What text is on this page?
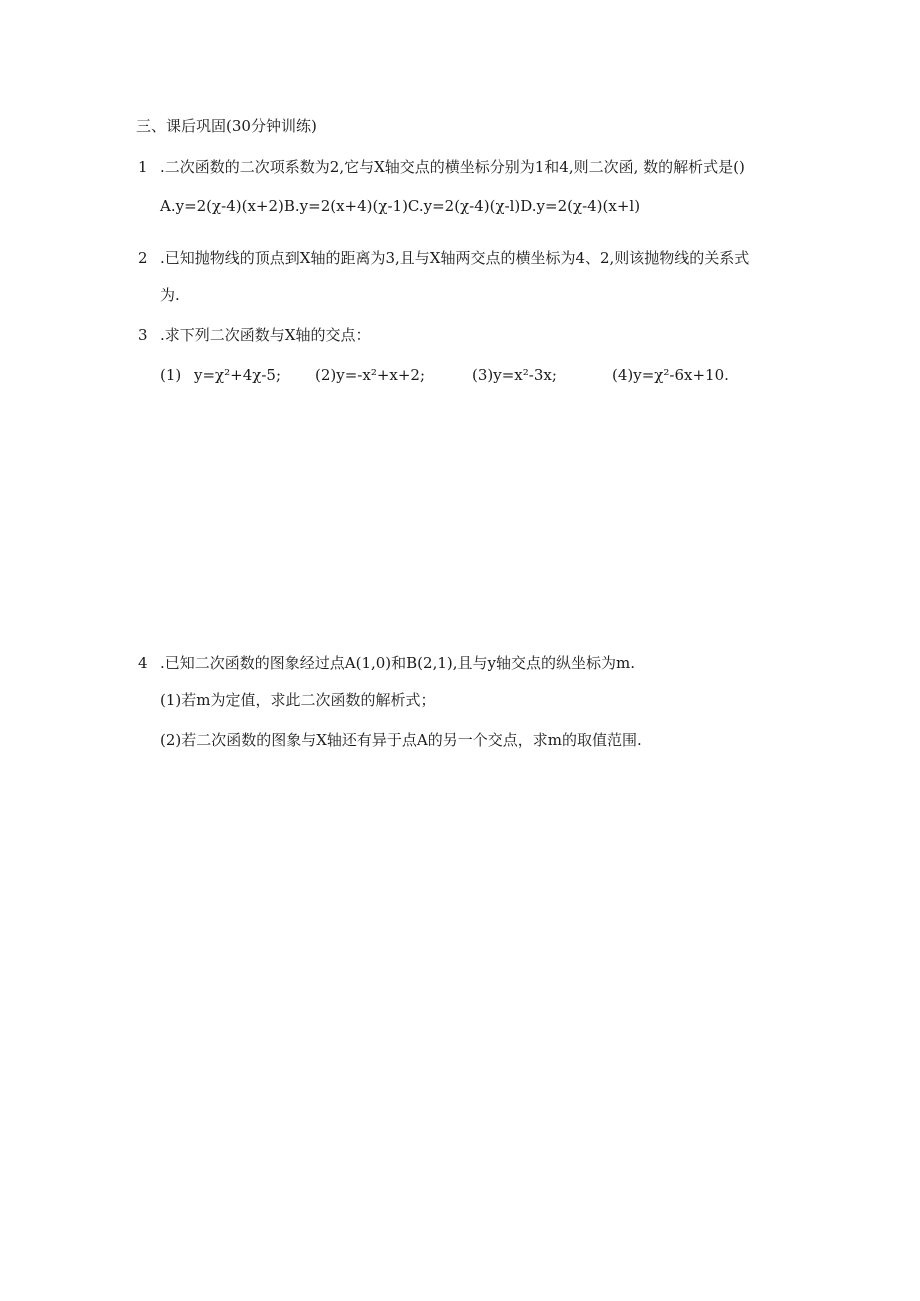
三、课后巩固(30分钟训练)
1 .二次函数的二次项系数为2,它与X轴交点的横坐标分别为1和4,则二次函, 数的解析式是()
A.y=2(χ-4)(x+2)B.y=2(x+4)(χ-1)C.y=2(χ-4)(χ-l)D.y=2(χ-4)(x+l)
2 .已知抛物线的顶点到X轴的距离为3,且与X轴两交点的横坐标为4、2,则该抛物线的关系式
为.
3 .求下列二次函数与X轴的交点：
(1) y=χ²+4χ-5; (2)y=-x²+x+2;	(3)y=x²-3x;	(4)y=χ²-6x+10.
4 .已知二次函数的图象经过点A(1,0)和B(2,1),且与y轴交点的纵坐标为m.
(1)若m为定值，求此二次函数的解析式；
(2)若二次函数的图象与X轴还有异于点A的另一个交点，求m的取值范围.
